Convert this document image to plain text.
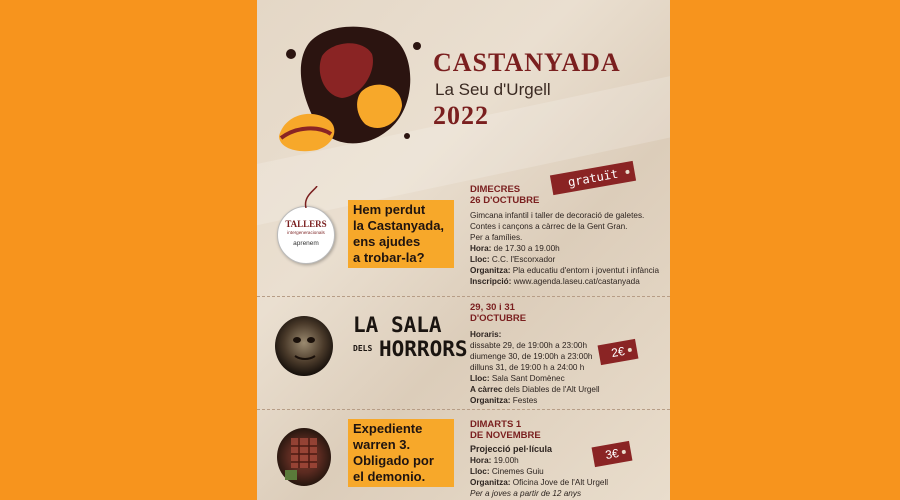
CASTANYADA
La Seu d'Urgell
2022
gratuït
TALLERS
intergeneracionals
aprenem
Hem perdut
la Castanyada,
ens ajudes
a trobar-la?
DIMECRES
26 D'OCTUBRE
Gimcana infantil i taller de decoració de galetes.
Contes i cançons a càrrec de la Gent Gran.
Per a famílies.
Hora: de 17.30 a 19.00h
Lloc: C.C. l'Escorxador
Organitza: Pla educatiu d'entorn i joventut i infància
Inscripció: www.agenda.laseu.cat/castanyada
LA SALA
DELS HORRORS	2€
29, 30 i 31
D'OCTUBRE
Horaris:
dissabte 29, de 19:00h a 23:00h
diumenge 30, de 19:00h a 23:00h
dilluns 31, de 19:00 h a 24:00 h
Lloc: Sala Sant Domènec
A càrrec dels Diables de l'Alt Urgell
Organitza: Festes
Expediente
warren 3.
Obligado por
el demonio.
3€
DIMARTS 1
DE NOVEMBRE
Projecció pel·lícula
Hora: 19.00h
Lloc: Cinemes Guiu
Organitza: Oficina Jove de l'Alt Urgell
Per a joves a partir de 12 anys
